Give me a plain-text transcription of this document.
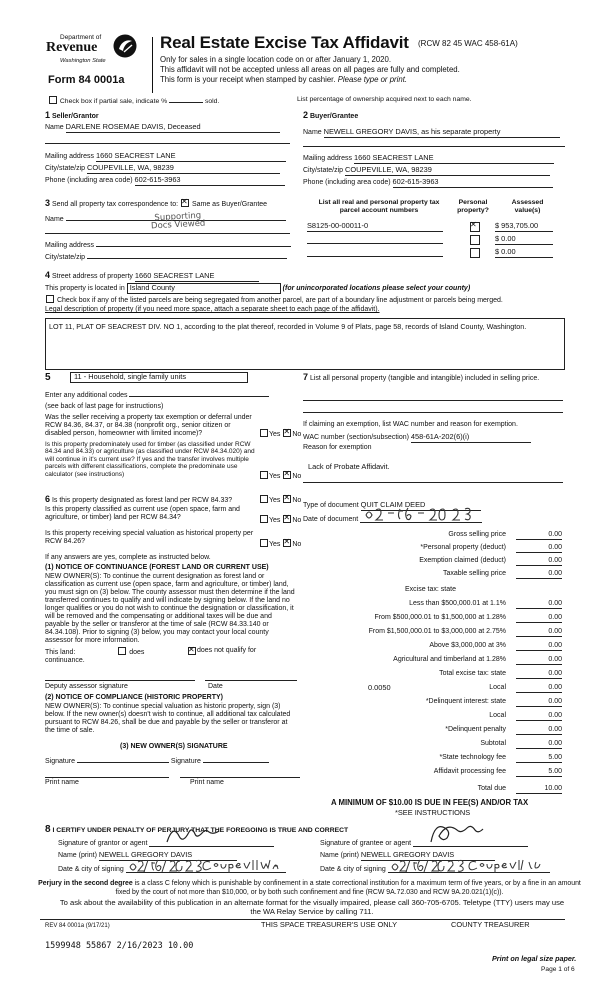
Department of
Revenue
Washington State
Form 84 0001a
Real Estate Excise Tax Affidavit (RCW 82 45 WAC 458-61A)
Only for sales in a single location code on or after January 1, 2020.
This affidavit will not be accepted unless all areas on all pages are fully and completed.
This form is your receipt when stamped by cashier. Please type or print.
Check box if partial sale, indicate %	sold.	List percentage of ownership acquired next to each name.
1 Seller/Grantor
Name DARLENE ROSEMAE DAVIS, Deceased
Mailing address 1660 SEACREST LANE
City/state/zip COUPEVILLE, WA, 98239
Phone (including area code) 602-615-3963
2 Buyer/Grantee
Name NEWELL GREGORY DAVIS, as his separate property
Mailing address 1660 SEACREST LANE
City/state/zip COUPEVILLE, WA, 98239
Phone (including area code) 602-615-3963
3 Send all property tax correspondence to: ✕ Same as Buyer/Grantee
Name	Supporting Docs Viewed
Mailing address
City/state/zip
List all real and personal property tax parcel account numbers
Personal property?
Assessed value(s)
S8125-00-00011-0 ✕	$ 953,705.00
$ 0.00
$ 0.00
4 Street address of property 1660 SEACREST LANE
This property is located in Island County	(for unincorporated locations please select your county)
Check box if any of the listed parcels are being segregated from another parcel, are part of a boundary line adjustment or parcels being merged.
Legal description of property (if you need more space, attach a separate sheet to each page of the affidavit).
LOT 11, PLAT OF SEACREST DIV. NO 1, according to the plat thereof, recorded in Volume 9 of Plats, page 58, records of Island County, Washington.
5	11 - Household, single family units
Enter any additional codes
(see back of last page for instructions)
Was the seller receiving a property tax exemption or deferral under RCW 84.36, 84.37, or 84.38 (nonprofit org., senior citizen or disabled person, homeowner with limited income)?	Yes ✕ No
Is this property predominately used for timber (as classified under RCW 84.34 and 84.33) or agriculture (as classified under RCW 84.34.020) and will continue in it's current use? If yes and the transfer involves multiple parcels with different classifications, complete the predominate use calculator (see instructions)	Yes ✕ No
7 List all personal property (tangible and intangible) included in selling price.
If claiming an exemption, list WAC number and reason for exemption.
WAC number (section/subsection) 458-61A-202(6)(i)
Reason for exemption
Lack of Probate Affidavit.
Type of document QUIT CLAIM DEED
Date of document
6 Is this property designated as forest land per RCW 84.33?	Yes ✕ No
Is this property classified as current use (open space, farm and agriculture, or timber) land per RCW 84.34?	Yes ✕ No
Is this property receiving special valuation as historical property per RCW 84.26?	Yes ✕ No
If any answers are yes, complete as instructed below.
(1) NOTICE OF CONTINUANCE (FOREST LAND OR CURRENT USE)
NEW OWNER(S): To continue the current designation as forest land or classification as current use (open space, farm and agriculture, or timber) land, you must sign on (3) below. The county assessor must then determine if the land transferred continues to qualify and will indicate by signing below. If the land no longer qualifies or you do not wish to continue the designation or classification, it will be removed and the compensating or additional taxes will be due and payable by the seller or transferor at the time of sale (RCW 84.33.140 or 84.34.108). Prior to signing (3) below, you may contact your local county assessor for more information.
This land:	does
continuance.
✕
does not qualify for
Deputy assessor signature	Date
(2) NOTICE OF COMPLIANCE (HISTORIC PROPERTY)
NEW OWNER(S): To continue special valuation as historic property, sign (3) below. If the new owner(s) doesn't wish to continue, all additional tax calculated pursuant to RCW 84.26, shall be due and payable by the seller or transferor at the time of sale.
(3) NEW OWNER(S) SIGNATURE
Signature	Signature
Print name	Print name
Gross selling price	0.00
*Personal property (deduct)	0.00
Exemption claimed (deduct)	0.00
Taxable selling price	0.00
Excise tax: state
Less than $500,000.01 at 1.1%	0.00
From $500,000.01 to $1,500,000 at 1.28%	0.00
From $1,500,000.01 to $3,000,000 at 2.75%	0.00
Above $3,000,000 at 3%	0.00
Agricultural and timberland at 1.28%	0.00
Total excise tax: state	0.00
0.0050	Local	0.00
*Delinquent interest: state	0.00
Local	0.00
*Delinquent penalty	0.00
Subtotal	0.00
*State technology fee	5.00
Affidavit processing fee	5.00
Total due	10.00
A MINIMUM OF $10.00 IS DUE IN FEE(S) AND/OR TAX
*SEE INSTRUCTIONS
8 I CERTIFY UNDER PENALTY OF PERJURY THAT THE FOREGOING IS TRUE AND CORRECT
Signature of grantor or agent
Name (print) NEWELL GREGORY DAVIS
Date & city of signing
Signature of grantee or agent
Name (print) NEWELL GREGORY DAVIS
Date & city of signing
Perjury in the second degree is a class C felony which is punishable by confinement in a state correctional institution for a maximum term of five years, or by a fine in an amount fixed by the court of not more than $10,000, or by both such confinement and fine (RCW 9A.72.030 and RCW 9A.20.021(1)(c)).
To ask about the availability of this publication in an alternate format for the visually impaired, please call 360-705-6705. Teletype (TTY) users may use the WA Relay Service by calling 711.
REV 84 0001a (9/17/21)	THIS SPACE TREASURER'S USE ONLY	COUNTY TREASURER
1599948 55867 2/16/2023 10.00
Print on legal size paper.
Page 1 of 6
